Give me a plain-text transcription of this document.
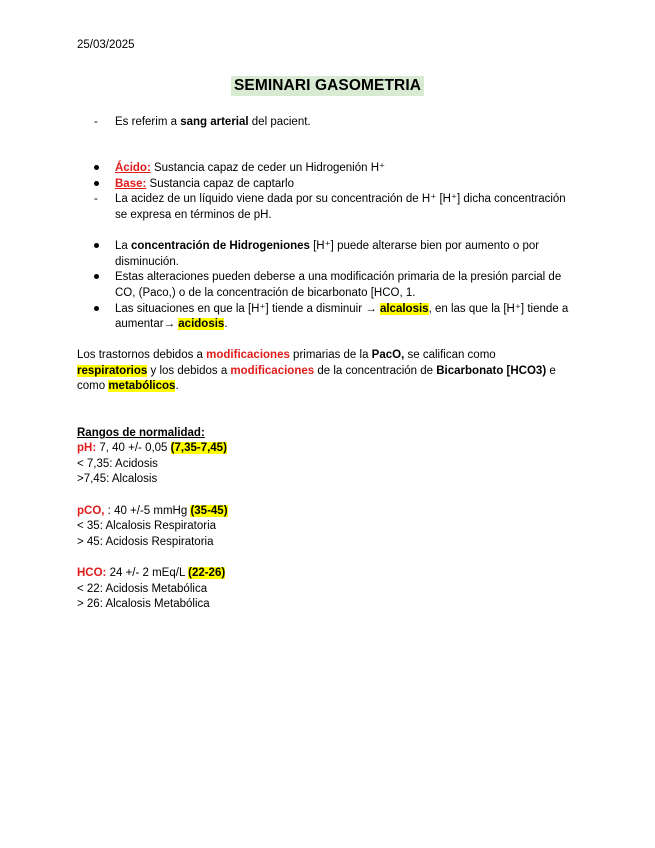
25/03/2025
SEMINARI GASOMETRIA
- Es referim a sang arterial del pacient.
Ácido: Sustancia capaz de ceder un Hidrogenión H⁺
Base: Sustancia capaz de captarlo
- La acidez de un líquido viene dada por su concentración de H⁺ [H⁺] dicha concentración
se expresa en términos de pH.
La concentración de Hidrogeniones [H⁺] puede alterarse bien por aumento o por
disminución.
Estas alteraciones pueden deberse a una modificación primaria de la presión parcial de
CO, (Paco,) o de la concentración de bicarbonato [HCO, 1.
Las situaciones en que la [H⁺] tiende a disminuir → alcalosis, en las que la [H⁺] tiende a
aumentar→ acidosis.
Los trastornos debidos a modificaciones primarias de la PacO, se califican como
respiratorios y los debidos a modificaciones de la concentración de Bicarbonato [HCO3) e
como metabólicos.
Rangos de normalidad:
pH: 7, 40 +/- 0,05 (7,35-7,45)
< 7,35: Acidosis
>7,45: Alcalosis
pCO, : 40 +/-5 mmHg (35-45)
< 35: Alcalosis Respiratoria
> 45: Acidosis Respiratoria
HCO: 24 +/- 2 mEq/L (22-26)
< 22: Acidosis Metabólica
> 26: Alcalosis Metabólica
